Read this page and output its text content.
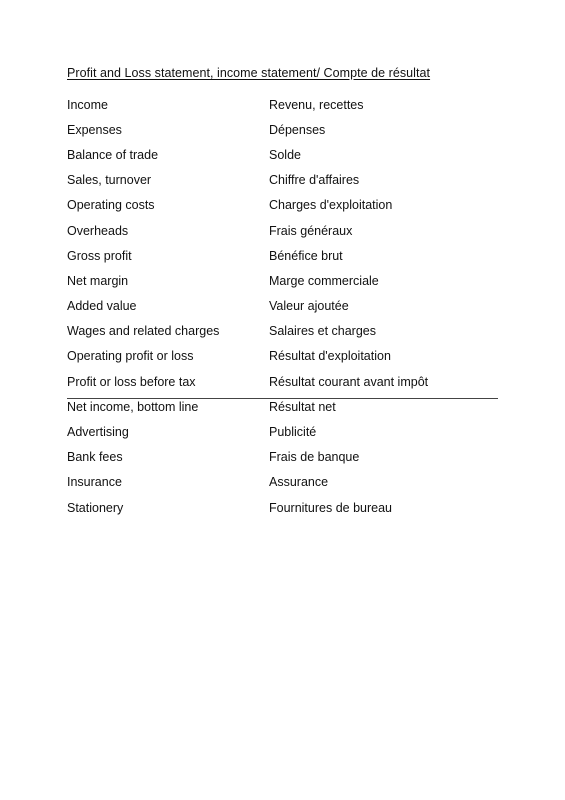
Profit and Loss statement, income statement/ Compte de résultat
Income	Revenu, recettes
Expenses	Dépenses
Balance of trade	Solde
Sales, turnover	Chiffre d'affaires
Operating costs	Charges d'exploitation
Overheads	Frais généraux
Gross profit	Bénéfice brut
Net margin	Marge commerciale
Added value	Valeur ajoutée
Wages and related charges	Salaires et charges
Operating profit or loss	Résultat d'exploitation
Profit or loss before tax	Résultat courant avant impôt
Net income, bottom line	Résultat net
Advertising	Publicité
Bank fees	Frais de banque
Insurance	Assurance
Stationery	Fournitures de bureau
